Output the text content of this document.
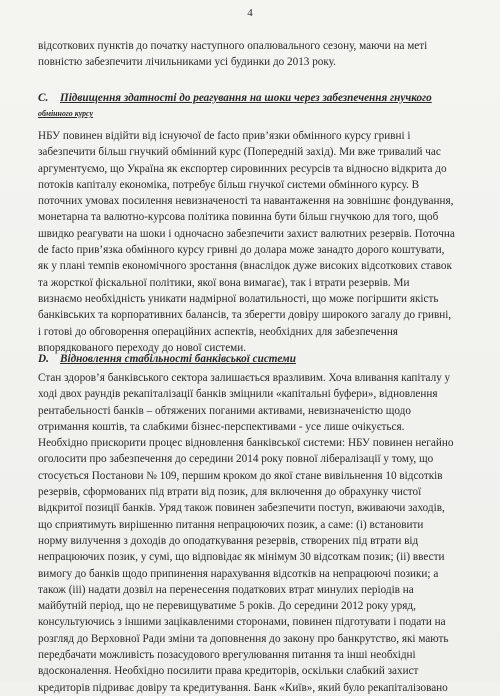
4
відсоткових пунктів до початку наступного опалювального сезону, маючи на меті
повністю забезпечити лічильниками усі будинки до 2013 року.
C. Підвищення здатності до реагування на шоки через забезпечення гнучкого
обмінного курсу
НБУ повинен відійти від існуючої de facto прив’язки обмінного курсу гривні і
забезпечити більш гнучкий обмінний курс (Попередній захід). Ми вже тривалий час
аргументуємо, що Україна як експортер сировинних ресурсів та відносно відкрита до
потоків капіталу економіка, потребує більш гнучкої системи обмінного курсу. В
поточних умовах посилення невизначеності та навантаження на зовнішнє фондування,
монетарна та валютно-курсова політика повинна бути більш гнучкою для того, щоб
швидко реагувати на шоки і одночасно забезпечити захист валютних резервів. Поточна
de facto прив’язка обмінного курсу гривні до долара може занадто дорого коштувати,
як у плані темпів економічного зростання (внаслідок дуже високих відсоткових ставок
та жорсткої фіскальної політики, якої вона вимагає), так і втрати резервів. Ми
визнаємо необхідність уникати надмірної волатильності, що може погіршити якість
банківських та корпоративних балансів, та зберегти довіру широкого загалу до гривні,
і готові до обговорення операційних аспектів, необхідних для забезпечення
впорядкованого переходу до нової системи.
D. Відновлення стабільності банківської системи
Стан здоров’я банківського сектора залишається вразливим. Хоча вливання капіталу у
ході двох раундів рекапіталізації банків зміцнили «капітальні буфери», відновлення
рентабельності банків – обтяжених поганими активами, невизначеністю щодо
отримання коштів, та слабкими бізнес-перспективами - усе лише очікується.
Необхідно прискорити процес відновлення банківської системи: НБУ повинен негайно
оголосити про забезпечення до середини 2014 року повної лібералізації у тому, що
стосується Постанови № 109, першим кроком до якої стане вивільнення 10 відсотків
резервів, сформованих під втрати від позик, для включення до обрахунку чистої
відкритої позиції банків. Уряд також повинен забезпечити поступ, вживаючи заходів,
що сприятимуть вирішенню питання непрацюючих позик, а саме: (i) встановити
норму вилучення з доходів до оподаткування резервів, створених під втрати від
непрацюючих позик, у сумі, що відповідає як мінімум 30 відсоткам позик; (ii) ввести
вимогу до банків щодо припинення нарахування відсотків на непрацюючі позики; а
також (iii) надати дозвіл на перенесення податкових втрат минулих періодів на
майбутній період, що не перевищуватиме 5 років. До середини 2012 року уряд,
консультуючись з іншими зацікавленими сторонами, повинен підготувати і подати на
розгляд до Верховної Ради зміни та доповнення до закону про банкрутство, які мають
передбачати можливість позасудового врегулювання питання та інші необхідні
вдосконалення. Необхідно посилити права кредиторів, оскільки слабкий захист
кредиторів підриває довіру та кредитування. Банк «Київ», який було рекапіталізовано
